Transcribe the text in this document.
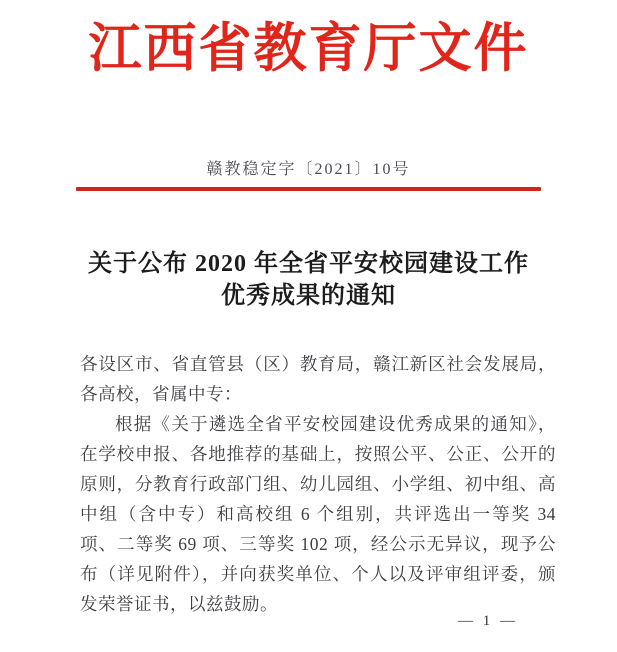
江西省教育厅文件
赣教稳定字〔2021〕10号
关于公布 2020 年全省平安校园建设工作
优秀成果的通知

各设区市、省直管县（区）教育局，赣江新区社会发展局，各高校，省属中专：

根据《关于遴选全省平安校园建设优秀成果的通知》，在学校申报、各地推荐的基础上，按照公平、公正、公开的原则，分教育行政部门组、幼儿园组、小学组、初中组、高中组（含中专）和高校组 6 个组别，共评选出一等奖 34 项、二等奖 69 项、三等奖 102 项，经公示无异议，现予公布（详见附件），并向获奖单位、个人以及评审组评委，颁发荣誉证书，以兹鼓励。

— 1 —
